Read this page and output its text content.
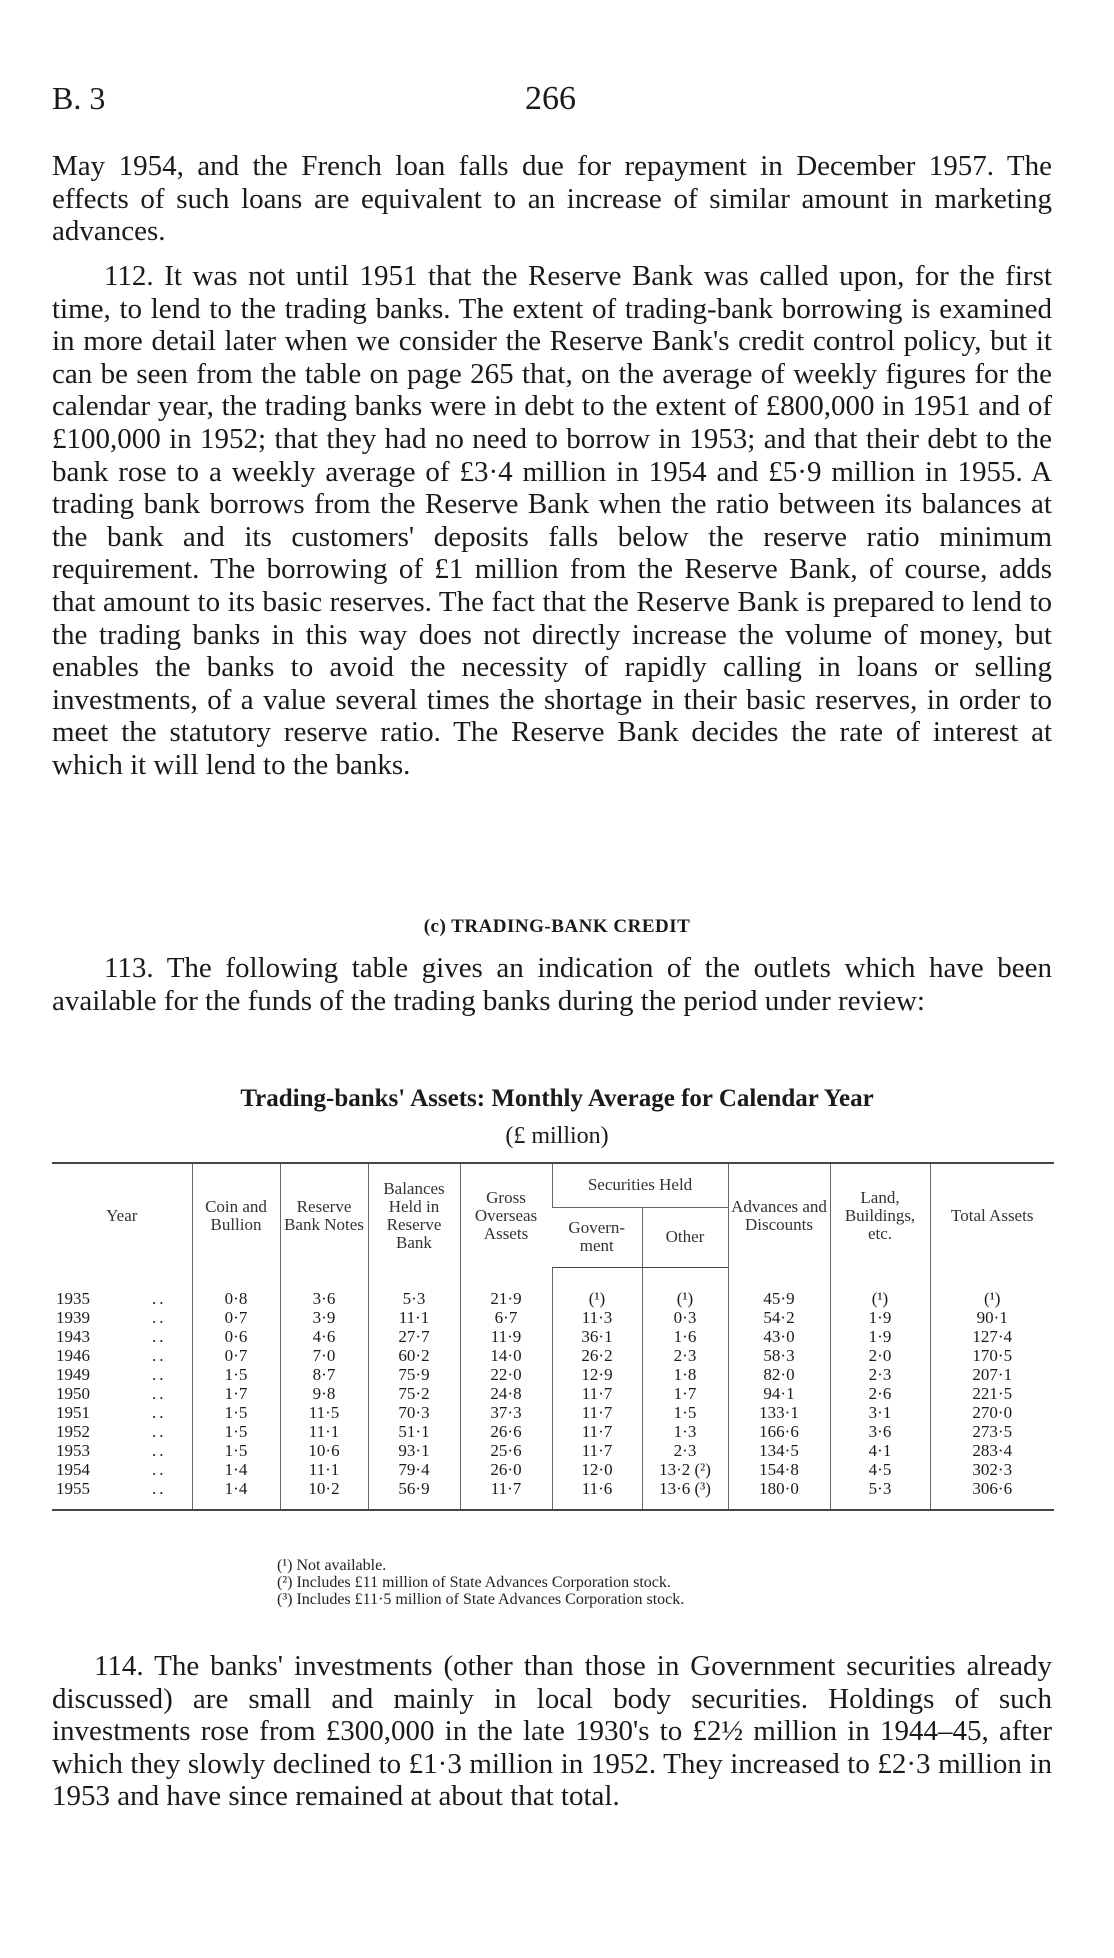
B. 3	266

May 1954, and the French loan falls due for repayment in December 1957. The effects of such loans are equivalent to an increase of similar amount in marketing advances.

112. It was not until 1951 that the Reserve Bank was called upon, for the first time, to lend to the trading banks. The extent of trading-bank borrowing is examined in more detail later when we consider the Reserve Bank's credit control policy, but it can be seen from the table on page 265 that, on the average of weekly figures for the calendar year, the trading banks were in debt to the extent of £800,000 in 1951 and of £100,000 in 1952; that they had no need to borrow in 1953; and that their debt to the bank rose to a weekly average of £3·4 million in 1954 and £5·9 million in 1955. A trading bank borrows from the Reserve Bank when the ratio between its balances at the bank and its customers' deposits falls below the reserve ratio minimum requirement. The borrowing of £1 million from the Reserve Bank, of course, adds that amount to its basic reserves. The fact that the Reserve Bank is prepared to lend to the trading banks in this way does not directly increase the volume of money, but enables the banks to avoid the necessity of rapidly calling in loans or selling investments, of a value several times the shortage in their basic reserves, in order to meet the statutory reserve ratio. The Reserve Bank decides the rate of interest at which it will lend to the banks.

(c) TRADING-BANK CREDIT

113. The following table gives an indication of the outlets which have been available for the funds of the trading banks during the period under review:

Trading-banks' Assets: Monthly Average for Calendar Year
(£ million)
Year	Coin and Bullion	Reserve Bank Notes	Balances Held in Reserve Bank	Gross Overseas Assets	Securities Held		Advances and Discounts	Land, Buildings, etc.	Total Assets
					Govern-ment	Other			
1935 ..	0·8	3·6	5·3	21·9	(¹)	(¹)	45·9	(¹)	(¹)
1939 ..	0·7	3·9	11·1	6·7	11·3	0·3	54·2	1·9	90·1
1943 ..	0·6	4·6	27·7	11·9	36·1	1·6	43·0	1·9	127·4
1946 ..	0·7	7·0	60·2	14·0	26·2	2·3	58·3	2·0	170·5
1949 ..	1·5	8·7	75·9	22·0	12·9	1·8	82·0	2·3	207·1
1950 ..	1·7	9·8	75·2	24·8	11·7	1·7	94·1	2·6	221·5
1951 ..	1·5	11·5	70·3	37·3	11·7	1·5	133·1	3·1	270·0
1952 ..	1·5	11·1	51·1	26·6	11·7	1·3	166·6	3·6	273·5
1953 ..	1·5	10·6	93·1	25·6	11·7	2·3	134·5	4·1	283·4
1954 ..	1·4	11·1	79·4	26·0	12·0	13·2 (²)	154·8	4·5	302·3
1955 ..	1·4	10·2	56·9	11·7	11·6	13·6 (³)	180·0	5·3	306·6
(¹) Not available.
(²) Includes £11 million of State Advances Corporation stock.
(³) Includes £11·5 million of State Advances Corporation stock.

114. The banks' investments (other than those in Government securities already discussed) are small and mainly in local body securities. Holdings of such investments rose from £300,000 in the late 1930's to £2½ million in 1944–45, after which they slowly declined to £1·3 million in 1952. They increased to £2·3 million in 1953 and have since remained at about that total.
